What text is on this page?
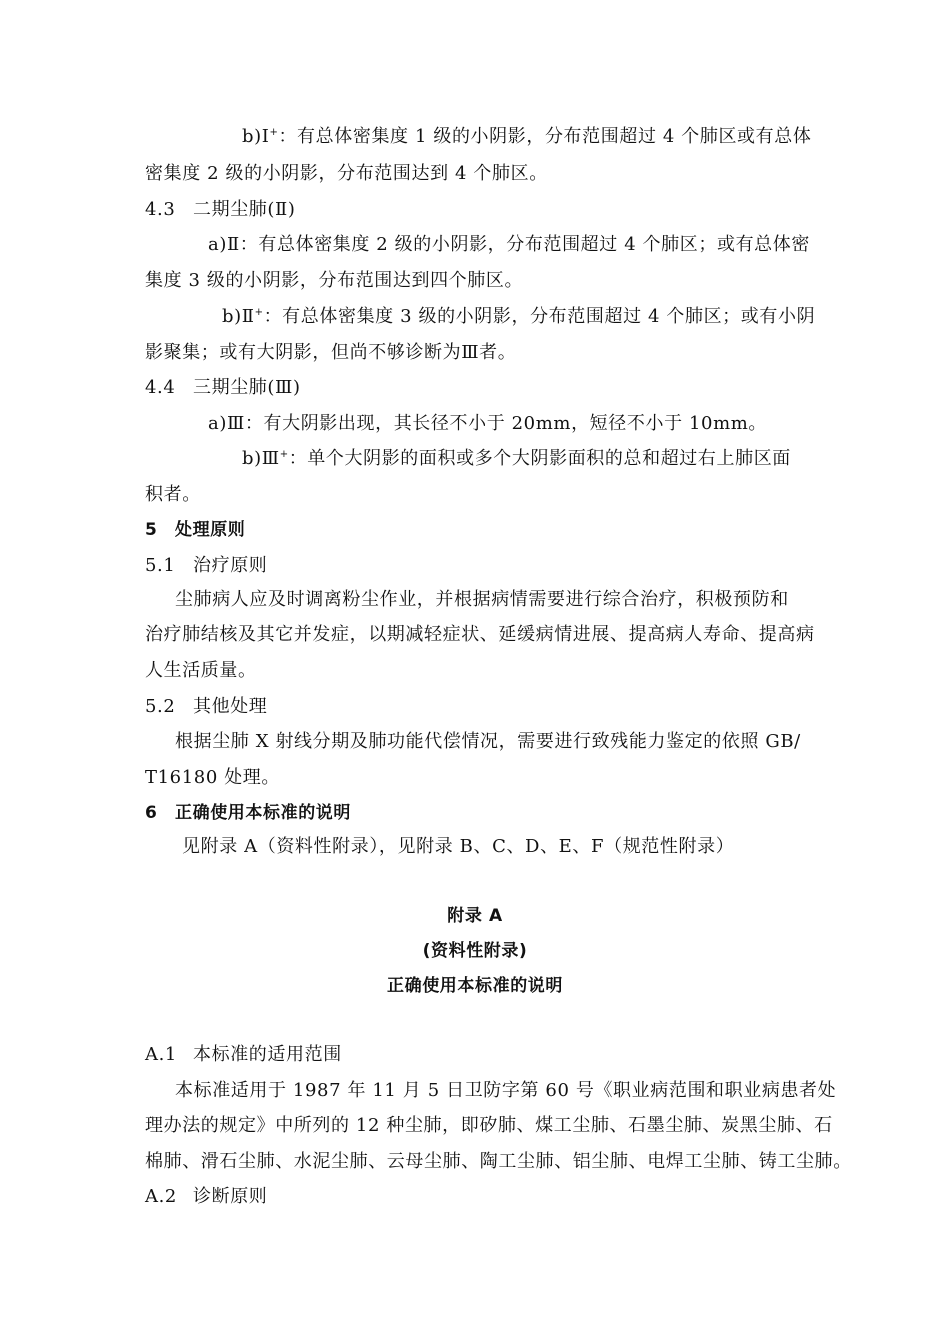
b)Ⅰ+：有总体密集度 1 级的小阴影，分布范围超过 4 个肺区或有总体
密集度 2 级的小阴影，分布范围达到 4 个肺区。
4.3 二期尘肺(Ⅱ)
a)Ⅱ：有总体密集度 2 级的小阴影，分布范围超过 4 个肺区；或有总体密
集度 3 级的小阴影，分布范围达到四个肺区。
b)Ⅱ+：有总体密集度 3 级的小阴影，分布范围超过 4 个肺区；或有小阴
影聚集；或有大阴影，但尚不够诊断为Ⅲ者。
4.4 三期尘肺(Ⅲ)
a)Ⅲ：有大阴影出现，其长径不小于 20mm，短径不小于 10mm。
b)Ⅲ+：单个大阴影的面积或多个大阴影面积的总和超过右上肺区面
积者。
5 处理原则
5.1 治疗原则
尘肺病人应及时调离粉尘作业，并根据病情需要进行综合治疗，积极预防和
治疗肺结核及其它并发症，以期减轻症状、延缓病情进展、提高病人寿命、提高病
人生活质量。
5.2 其他处理
根据尘肺 X 射线分期及肺功能代偿情况，需要进行致残能力鉴定的依照 GB/
T16180 处理。
6 正确使用本标准的说明
见附录 A（资料性附录），见附录 B、C、D、E、F（规范性附录）
附录 A
(资料性附录)
正确使用本标准的说明
A.1 本标准的适用范围
本标准适用于 1987 年 11 月 5 日卫防字第 60 号《职业病范围和职业病患者处
理办法的规定》中所列的 12 种尘肺，即矽肺、煤工尘肺、石墨尘肺、炭黑尘肺、石
棉肺、滑石尘肺、水泥尘肺、云母尘肺、陶工尘肺、铝尘肺、电焊工尘肺、铸工尘肺。
A.2 诊断原则
